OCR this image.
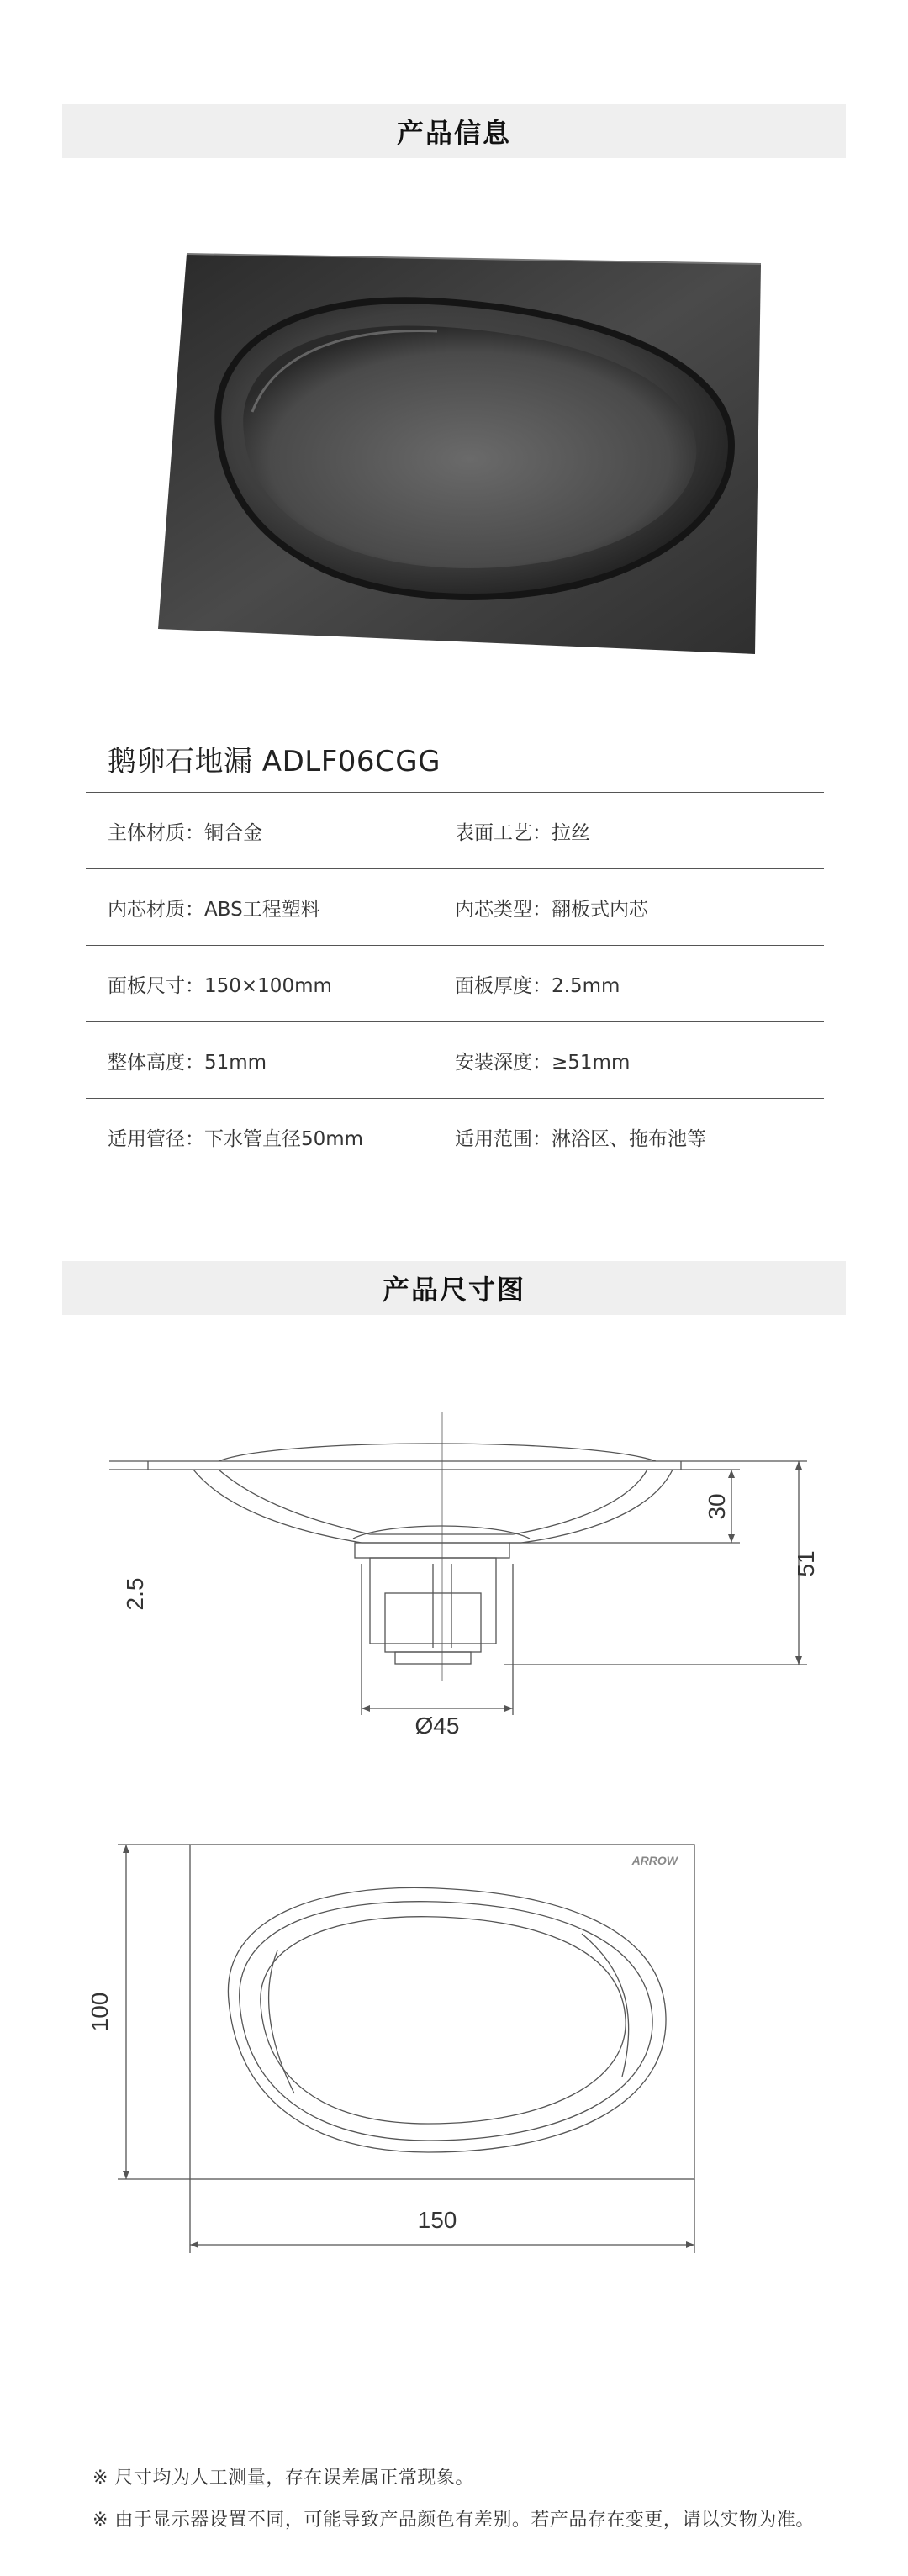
产品信息
鹅卵石地漏 ADLF06CGG
主体材质：铜合金	表面工艺：拉丝
内芯材质：ABS工程塑料	内芯类型：翻板式内芯
面板尺寸：150×100mm	面板厚度：2.5mm
整体高度：51mm	安装深度：≥51mm
适用管径：下水管直径50mm	适用范围：淋浴区、拖布池等
产品尺寸图
2.5
30
51
Ø45
ARROW
100
150
※ 尺寸均为人工测量，存在误差属正常现象。
※ 由于显示器设置不同，可能导致产品颜色有差别。若产品存在变更，请以实物为准。
